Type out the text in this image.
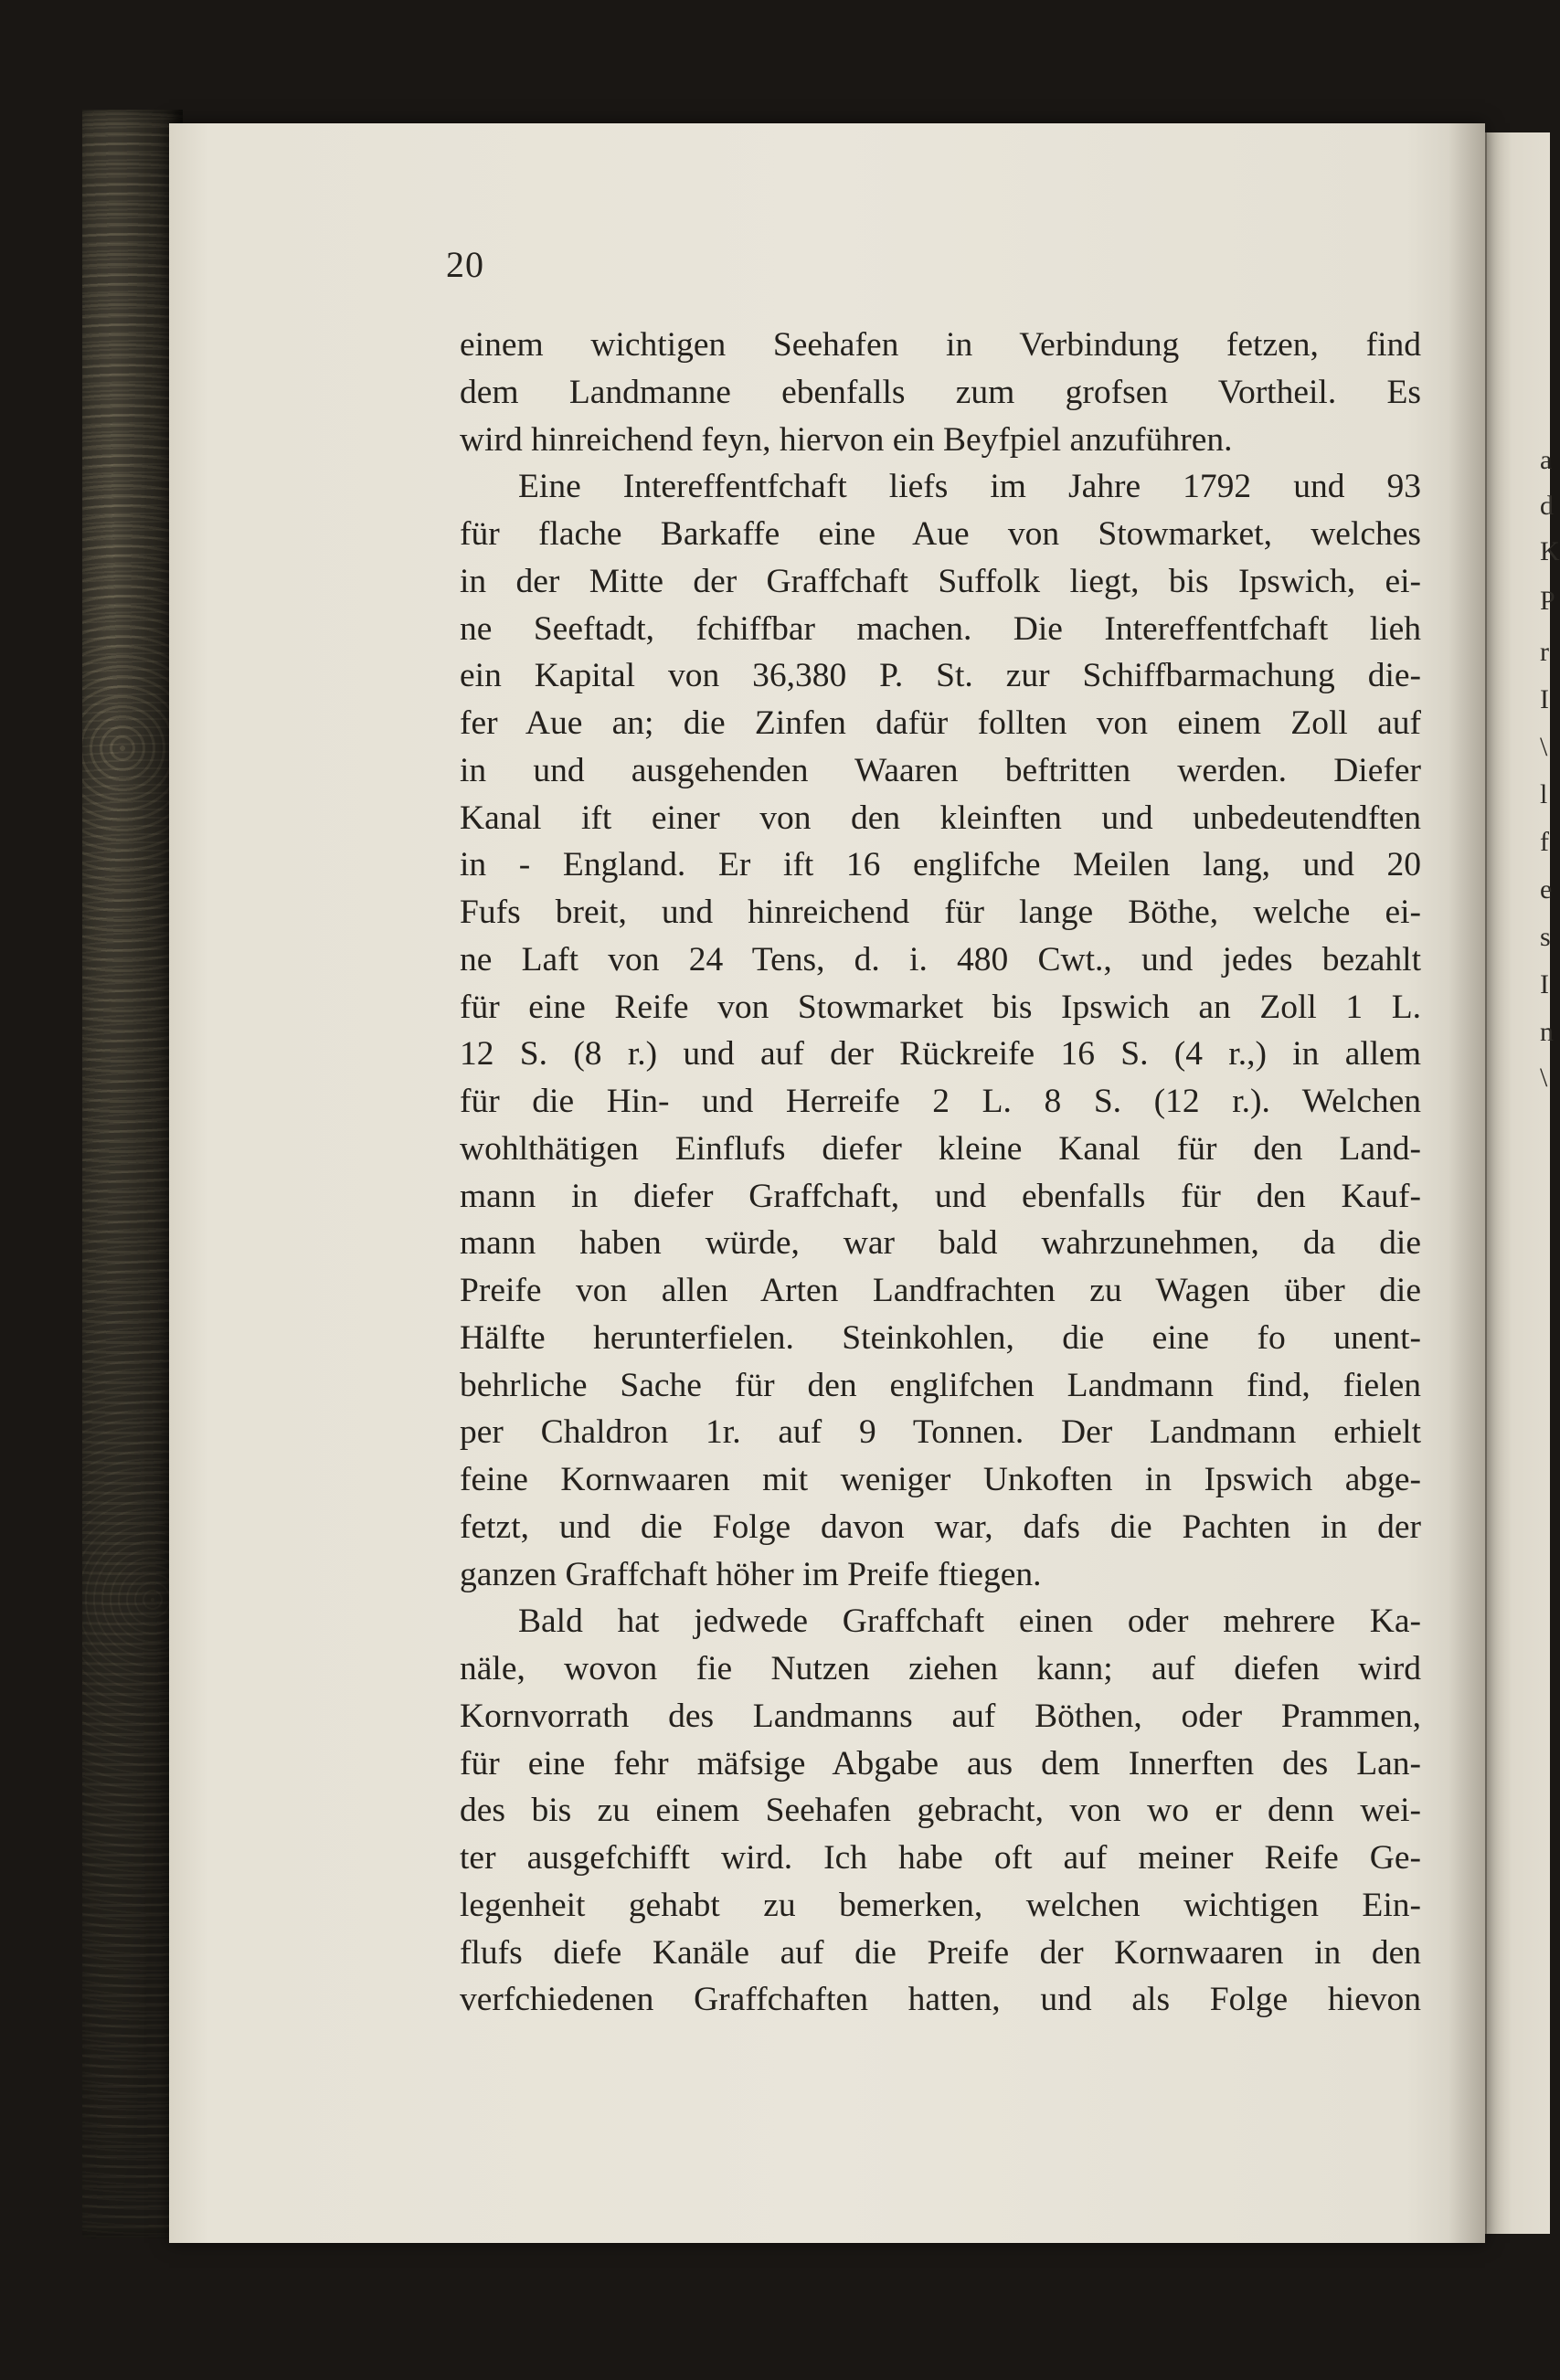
a
d
K
P
r
I
\
l
f
e
s
I
n
\
20
einem wichtigen Seehafen in Verbindung fetzen, find
dem Landmanne ebenfalls zum grofsen Vortheil. Es
wird hinreichend feyn, hiervon ein Beyfpiel anzuführen.
Eine Intereffentfchaft liefs im Jahre 1792 und 93
für flache Barkaffe eine Aue von Stowmarket, welches
in der Mitte der Graffchaft Suffolk liegt, bis Ipswich, ei-
ne Seeftadt, fchiffbar machen. Die Intereffentfchaft lieh
ein Kapital von 36,380 P. St. zur Schiffbarmachung die-
fer Aue an; die Zinfen dafür follten von einem Zoll auf
in und ausgehenden Waaren beftritten werden. Diefer
Kanal ift einer von den kleinften und unbedeutendften
in - England. Er ift 16 englifche Meilen lang, und 20
Fufs breit, und hinreichend für lange Böthe, welche ei-
ne Laft von 24 Tens, d. i. 480 Cwt., und jedes bezahlt
für eine Reife von Stowmarket bis Ipswich an Zoll 1 L.
12 S. (8 r.) und auf der Rückreife 16 S. (4 r.,) in allem
für die Hin- und Herreife 2 L. 8 S. (12 r.). Welchen
wohlthätigen Einflufs diefer kleine Kanal für den Land-
mann in diefer Graffchaft, und ebenfalls für den Kauf-
mann haben würde, war bald wahrzunehmen, da die
Preife von allen Arten Landfrachten zu Wagen über die
Hälfte herunterfielen. Steinkohlen, die eine fo unent-
behrliche Sache für den englifchen Landmann find, fielen
per Chaldron 1r. auf 9 Tonnen. Der Landmann erhielt
feine Kornwaaren mit weniger Unkoften in Ipswich abge-
fetzt, und die Folge davon war, dafs die Pachten in der
ganzen Graffchaft höher im Preife ftiegen.
Bald hat jedwede Graffchaft einen oder mehrere Ka-
näle, wovon fie Nutzen ziehen kann; auf diefen wird
Kornvorrath des Landmanns auf Böthen, oder Prammen,
für eine fehr mäfsige Abgabe aus dem Innerften des Lan-
des bis zu einem Seehafen gebracht, von wo er denn wei-
ter ausgefchifft wird. Ich habe oft auf meiner Reife Ge-
legenheit gehabt zu bemerken, welchen wichtigen Ein-
flufs diefe Kanäle auf die Preife der Kornwaaren in den
verfchiedenen Graffchaften hatten, und als Folge hievon
